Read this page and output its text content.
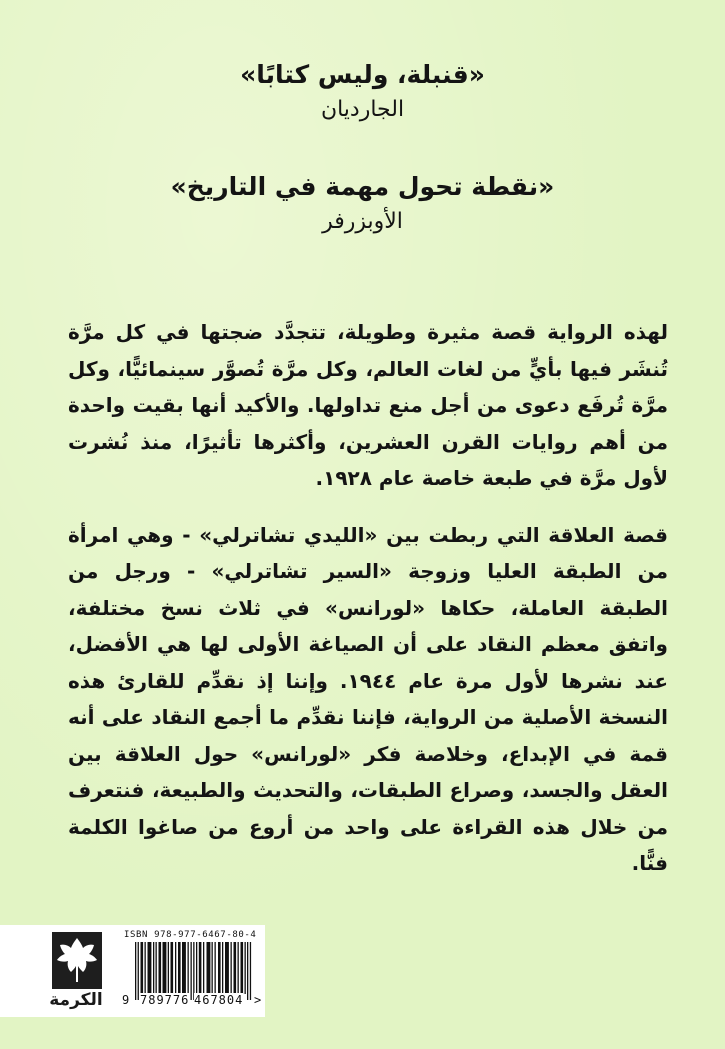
«قنبلة، وليس كتابًا»
الجارديان
«نقطة تحول مهمة في التاريخ»
الأوبزرفر

لهذه الرواية قصة مثيرة وطويلة، تتجدَّد ضجتها في كل مرَّة تُنشَر فيها بأيٍّ من لغات العالم، وكل مرَّة تُصوَّر سينمائيًّا، وكل مرَّة تُرفَع دعوى من أجل منع تداولها. والأكيد أنها بقيت واحدة من أهم روايات القرن العشرين، وأكثرها تأثيرًا، منذ نُشرت لأول مرَّة في طبعة خاصة عام ١٩٢٨.

قصة العلاقة التي ربطت بين «الليدي تشاترلي» - وهي امرأة من الطبقة العليا وزوجة «السير تشاترلي» - ورجل من الطبقة العاملة، حكاها «لورانس» في ثلاث نسخ مختلفة، واتفق معظم النقاد على أن الصياغة الأولى لها هي الأفضل، عند نشرها لأول مرة عام ١٩٤٤. وإننا إذ نقدِّم للقارئ هذه النسخة الأصلية من الرواية، فإننا نقدِّم ما أجمع النقاد على أنه قمة في الإبداع، وخلاصة فكر «لورانس» حول العلاقة بين العقل والجسد، وصراع الطبقات، والتحديث والطبيعة، فنتعرف من خلال هذه القراءة على واحد من أروع من صاغوا الكلمة فنًّا.

الكرمة
ISBN 978-977-6467-80-4
9 789776 467804 >
